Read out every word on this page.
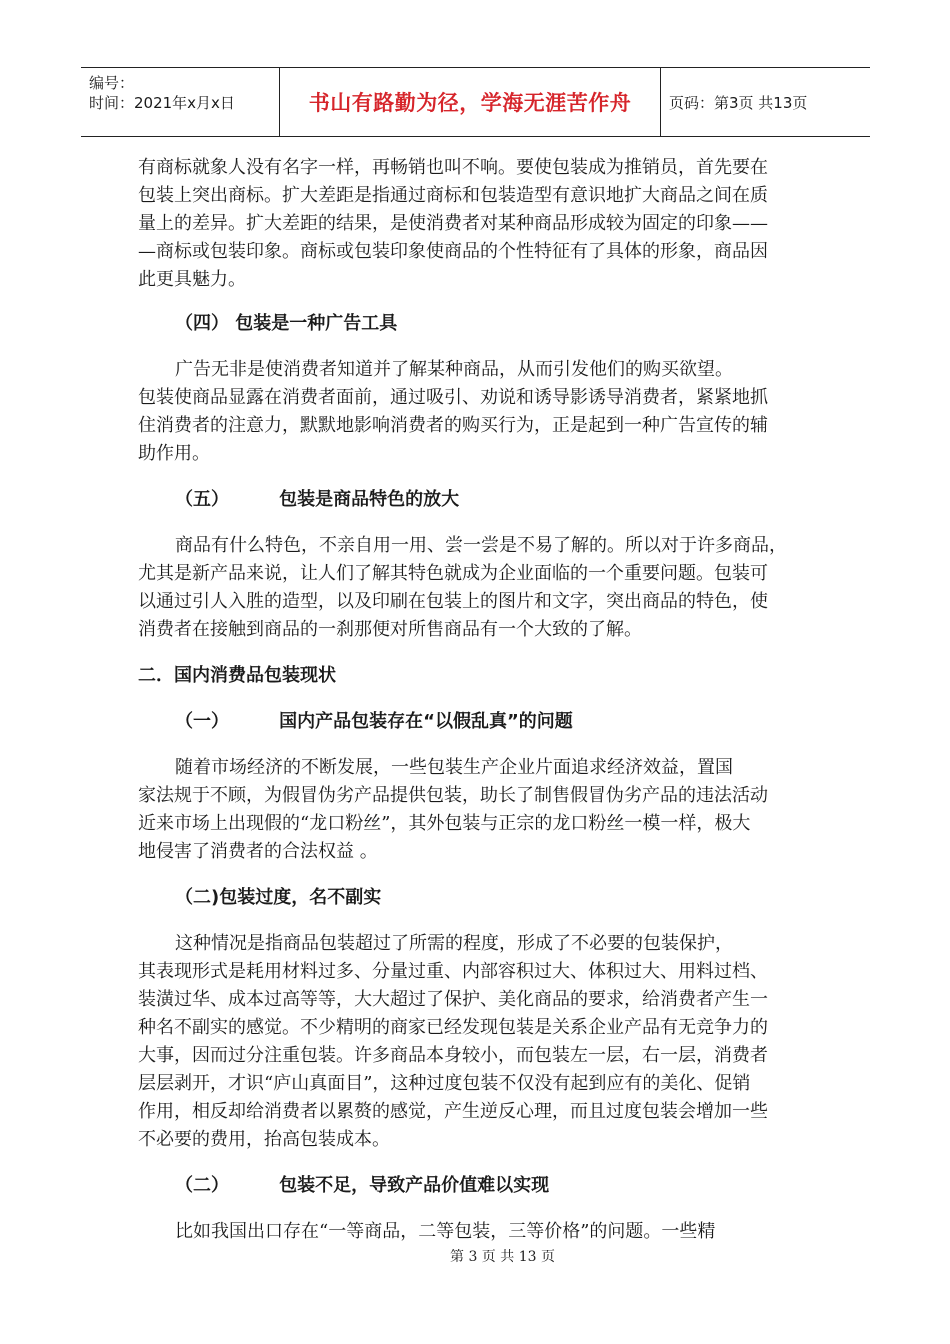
编号：
时间：2021年x月x日	书山有路勤为径，学海无涯苦作舟	页码：第3页 共13页

有商标就象人没有名字一样，再畅销也叫不响。要使包装成为推销员，首先要在
包装上突出商标。扩大差距是指通过商标和包装造型有意识地扩大商品之间在质
量上的差异。扩大差距的结果，是使消费者对某种商品形成较为固定的印象——
—商标或包装印象。商标或包装印象使商品的个性特征有了具体的形象，商品因
此更具魅力。

（四） 包装是一种广告工具

广告无非是使消费者知道并了解某种商品，从而引发他们的购买欲望。
包装使商品显露在消费者面前，通过吸引、劝说和诱导影诱导消费者，紧紧地抓
住消费者的注意力，默默地影响消费者的购买行为，正是起到一种广告宣传的辅
助作用。

（五）        包装是商品特色的放大

商品有什么特色，不亲自用一用、尝一尝是不易了解的。所以对于许多商品，
尤其是新产品来说，让人们了解其特色就成为企业面临的一个重要问题。包装可
以通过引人入胜的造型，以及印刷在包装上的图片和文字，突出商品的特色，使
消费者在接触到商品的一刹那便对所售商品有一个大致的了解。

二．国内消费品包装现状

（一）        国内产品包装存在“以假乱真”的问题

随着市场经济的不断发展，一些包装生产企业片面追求经济效益，置国
家法规于不顾，为假冒伪劣产品提供包装，助长了制售假冒伪劣产品的违法活动
近来市场上出现假的“龙口粉丝”，其外包装与正宗的龙口粉丝一模一样，极大
地侵害了消费者的合法权益 。

（二)包装过度，名不副实

这种情况是指商品包装超过了所需的程度，形成了不必要的包装保护，
其表现形式是耗用材料过多、分量过重、内部容积过大、体积过大、用料过档、
装潢过华、成本过高等等，大大超过了保护、美化商品的要求，给消费者产生一
种名不副实的感觉。不少精明的商家已经发现包装是关系企业产品有无竞争力的
大事，因而过分注重包装。许多商品本身较小，而包装左一层，右一层，消费者
层层剥开，才识“庐山真面目”，这种过度包装不仅没有起到应有的美化、促销
作用，相反却给消费者以累赘的感觉，产生逆反心理，而且过度包装会增加一些
不必要的费用，抬高包装成本。

（二）        包装不足，导致产品价值难以实现

比如我国出口存在“一等商品，二等包装，三等价格”的问题。一些精

第 3 页 共 13 页
